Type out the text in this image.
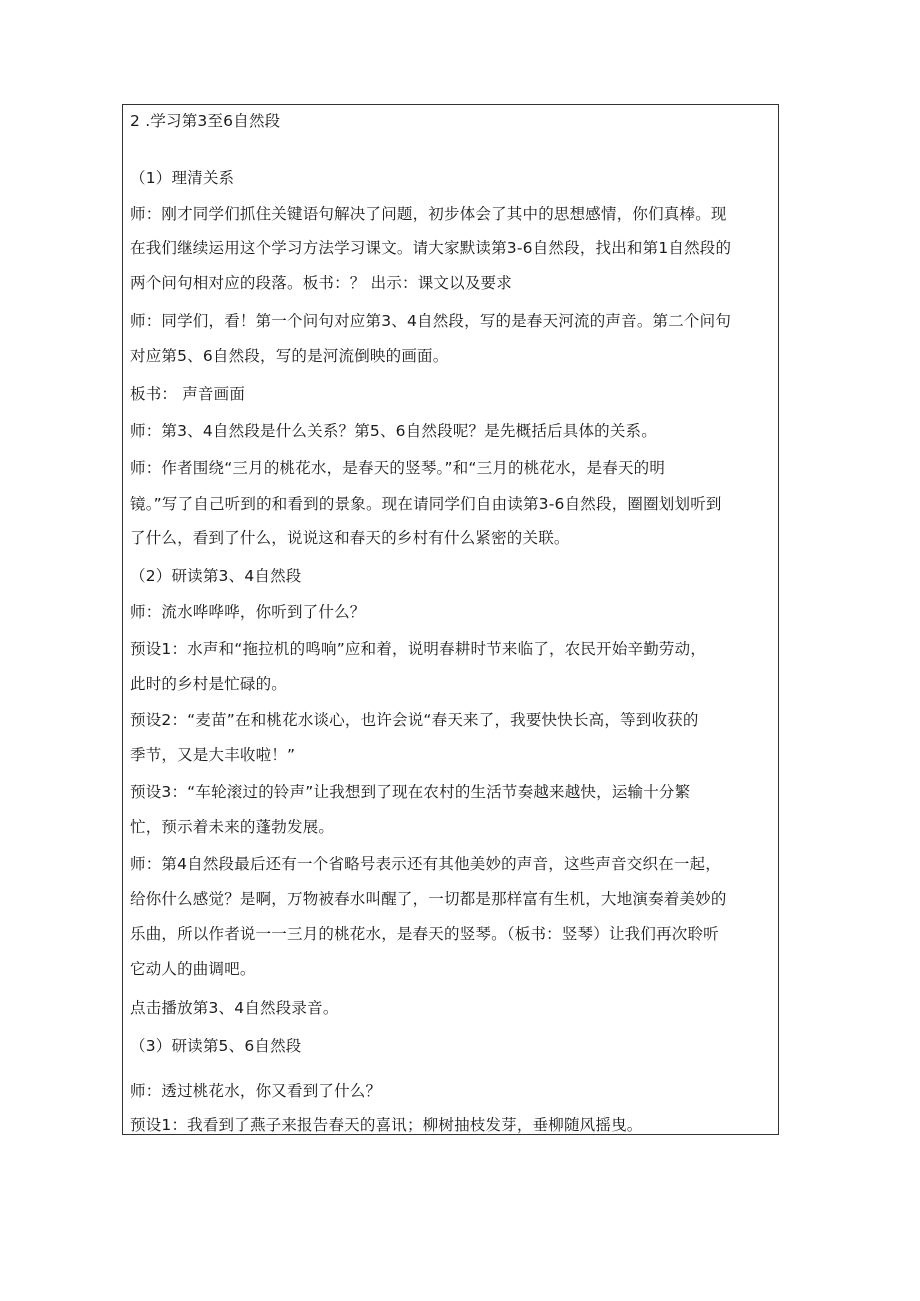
2 .学习第3至6自然段
（1）理清关系
师：刚才同学们抓住关键语句解决了问题，初步体会了其中的思想感情，你们真棒。现
在我们继续运用这个学习方法学习课文。请大家默读第3-6自然段，找出和第1自然段的
两个问句相对应的段落。板书：？ 出示：课文以及要求
师：同学们，看！第一个问句对应第3、4自然段，写的是春天河流的声音。第二个问句
对应第5、6自然段，写的是河流倒映的画面。
板书： 声音画面
师：第3、4自然段是什么关系？第5、6自然段呢？是先概括后具体的关系。
师：作者围绕“三月的桃花水，是春天的竖琴。”和“三月的桃花水，是春天的明
镜。”写了自己听到的和看到的景象。现在请同学们自由读第3-6自然段，圈圈划划听到
了什么，看到了什么，说说这和春天的乡村有什么紧密的关联。
（2）研读第3、4自然段
师：流水哗哗哗，你听到了什么？
预设1：水声和“拖拉机的鸣响”应和着，说明春耕时节来临了，农民开始辛勤劳动，
此时的乡村是忙碌的。
预设2：“麦苗”在和桃花水谈心，也许会说“春天来了，我要快快长高，等到收获的
季节，又是大丰收啦！”
预设3：“车轮滚过的铃声”让我想到了现在农村的生活节奏越来越快，运输十分繁
忙，预示着未来的蓬勃发展。
师：第4自然段最后还有一个省略号表示还有其他美妙的声音，这些声音交织在一起，
给你什么感觉？是啊，万物被春水叫醒了，一切都是那样富有生机，大地演奏着美妙的
乐曲，所以作者说一一三月的桃花水，是春天的竖琴。（板书：竖琴）让我们再次聆听
它动人的曲调吧。
点击播放第3、4自然段录音。
（3）研读第5、6自然段
师：透过桃花水，你又看到了什么？
预设1：我看到了燕子来报告春天的喜讯；柳树抽枝发芽，垂柳随风摇曳。
